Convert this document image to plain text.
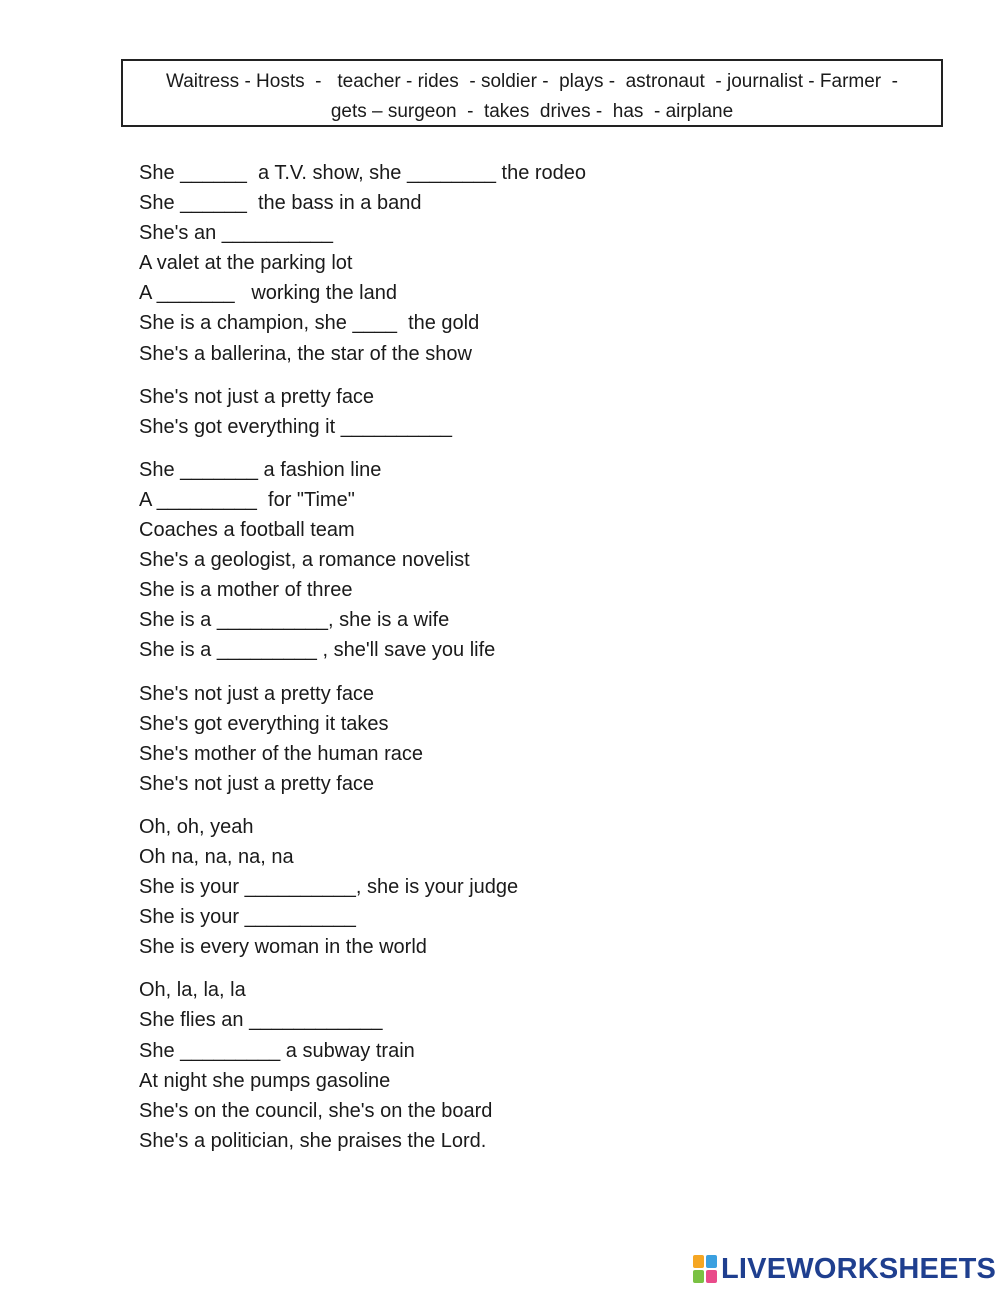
Waitress - Hosts  -   teacher - rides  - soldier -  plays -  astronaut  - journalist - Farmer  -
gets – surgeon  -  takes  drives -  has  - airplane
She ______  a T.V. show, she ________ the rodeo
She ______  the bass in a band
She's an __________
A valet at the parking lot
A _______   working the land
She is a champion, she ____  the gold
She's a ballerina, the star of the show
She's not just a pretty face
She's got everything it __________
She _______ a fashion line
A _________  for "Time"
Coaches a football team
She's a geologist, a romance novelist
She is a mother of three
She is a __________, she is a wife
She is a _________ , she'll save you life
She's not just a pretty face
She's got everything it takes
She's mother of the human race
She's not just a pretty face
Oh, oh, yeah
Oh na, na, na, na
She is your __________, she is your judge
She is your __________
She is every woman in the world
Oh, la, la, la
She flies an ____________
She _________ a subway train
At night she pumps gasoline
She's on the council, she's on the board
She's a politician, she praises the Lord.
LIVEWORKSHEETS
